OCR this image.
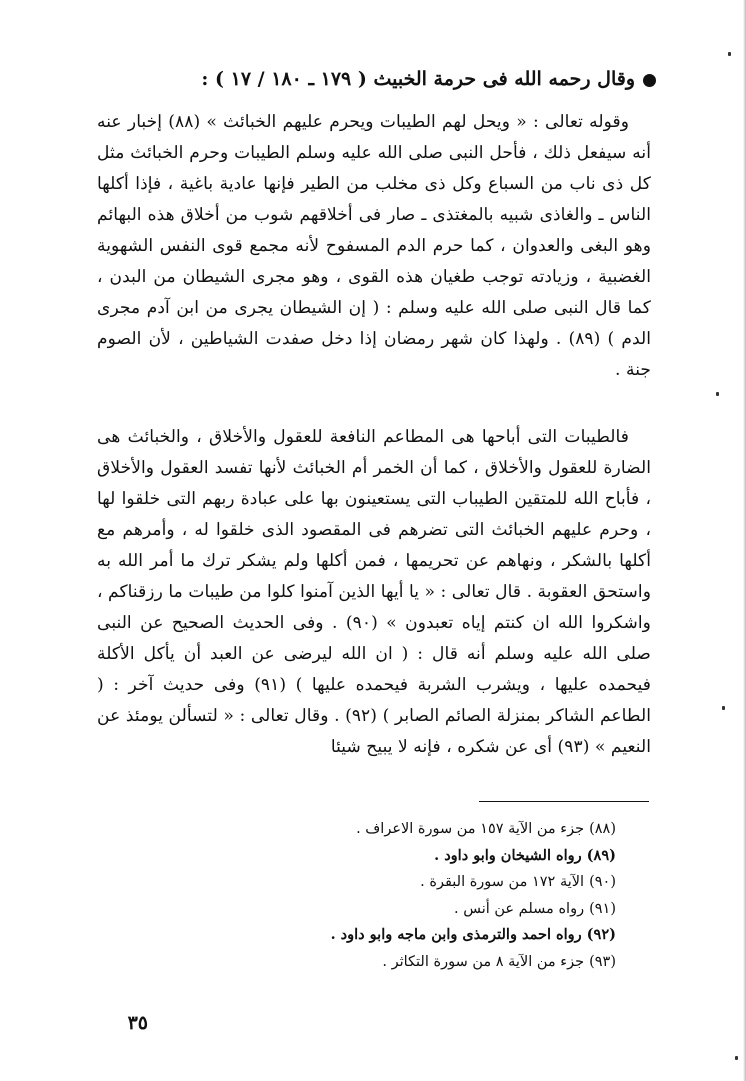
وقال رحمه الله فى حرمة الخبيث ( ١٧٩ ـ ١٨٠ / ١٧ ) :

وقوله تعالى : « ويحل لهم الطيبات ويحرم عليهم الخبائث » (٨٨) إخبار عنه أنه سيفعل ذلك ، فأحل النبى صلى الله عليه وسلم الطيبات وحرم الخبائث مثل كل ذى ناب من السباع وكل ذى مخلب من الطير فإنها عادية باغية ، فإذا أكلها الناس ـ والغاذى شبيه بالمغتذى ـ صار فى أخلاقهم شوب من أخلاق هذه البهائم وهو البغى والعدوان ، كما حرم الدم المسفوح لأنه مجمع قوى النفس الشهوية الغضبية ، وزيادته توجب طغيان هذه القوى ، وهو مجرى الشيطان من البدن ، كما قال النبى صلى الله عليه وسلم : ( إن الشيطان يجرى من ابن آدم مجرى الدم ) (٨٩) . ولهذا كان شهر رمضان إذا دخل صفدت الشياطين ، لأن الصوم جنة .

فالطيبات التى أباحها هى المطاعم النافعة للعقول والأخلاق ، والخبائث هى الضارة للعقول والأخلاق ، كما أن الخمر أم الخبائث لأنها تفسد العقول والأخلاق ، فأباح الله للمتقين الطيباب التى يستعينون بها على عبادة ربهم التى خلقوا لها ، وحرم عليهم الخبائث التى تضرهم فى المقصود الذى خلقوا له ، وأمرهم مع أكلها بالشكر ، ونهاهم عن تحريمها ، فمن أكلها ولم يشكر ترك ما أمر الله به واستحق العقوبة . قال تعالى : « يا أيها الذين آمنوا كلوا من طيبات ما رزقناكم ، واشكروا الله ان كنتم إياه تعبدون » (٩٠) . وفى الحديث الصحيح عن النبى صلى الله عليه وسلم أنه قال : ( ان الله ليرضى عن العبد أن يأكل الأكلة فيحمده عليها ، ويشرب الشربة فيحمده عليها ) (٩١) وفى حديث آخر : ( الطاعم الشاكر بمنزلة الصائم الصابر ) (٩٢) . وقال تعالى : « لتسألن يومئذ عن النعيم » (٩٣) أى عن شكره ، فإنه لا يبيح شيئا

(٨٨)جزء من الآية ١٥٧ من سورة الاعراف .
(٨٩)رواه الشيخان وابو داود .
(٩٠)الآية ١٧٢ من سورة البقرة .
(٩١)رواه مسلم عن أنس .
(٩٢)رواه احمد والترمذى وابن ماجه وابو داود .
(٩٣)جزء من الآية ٨ من سورة التكاثر .
٣٥
